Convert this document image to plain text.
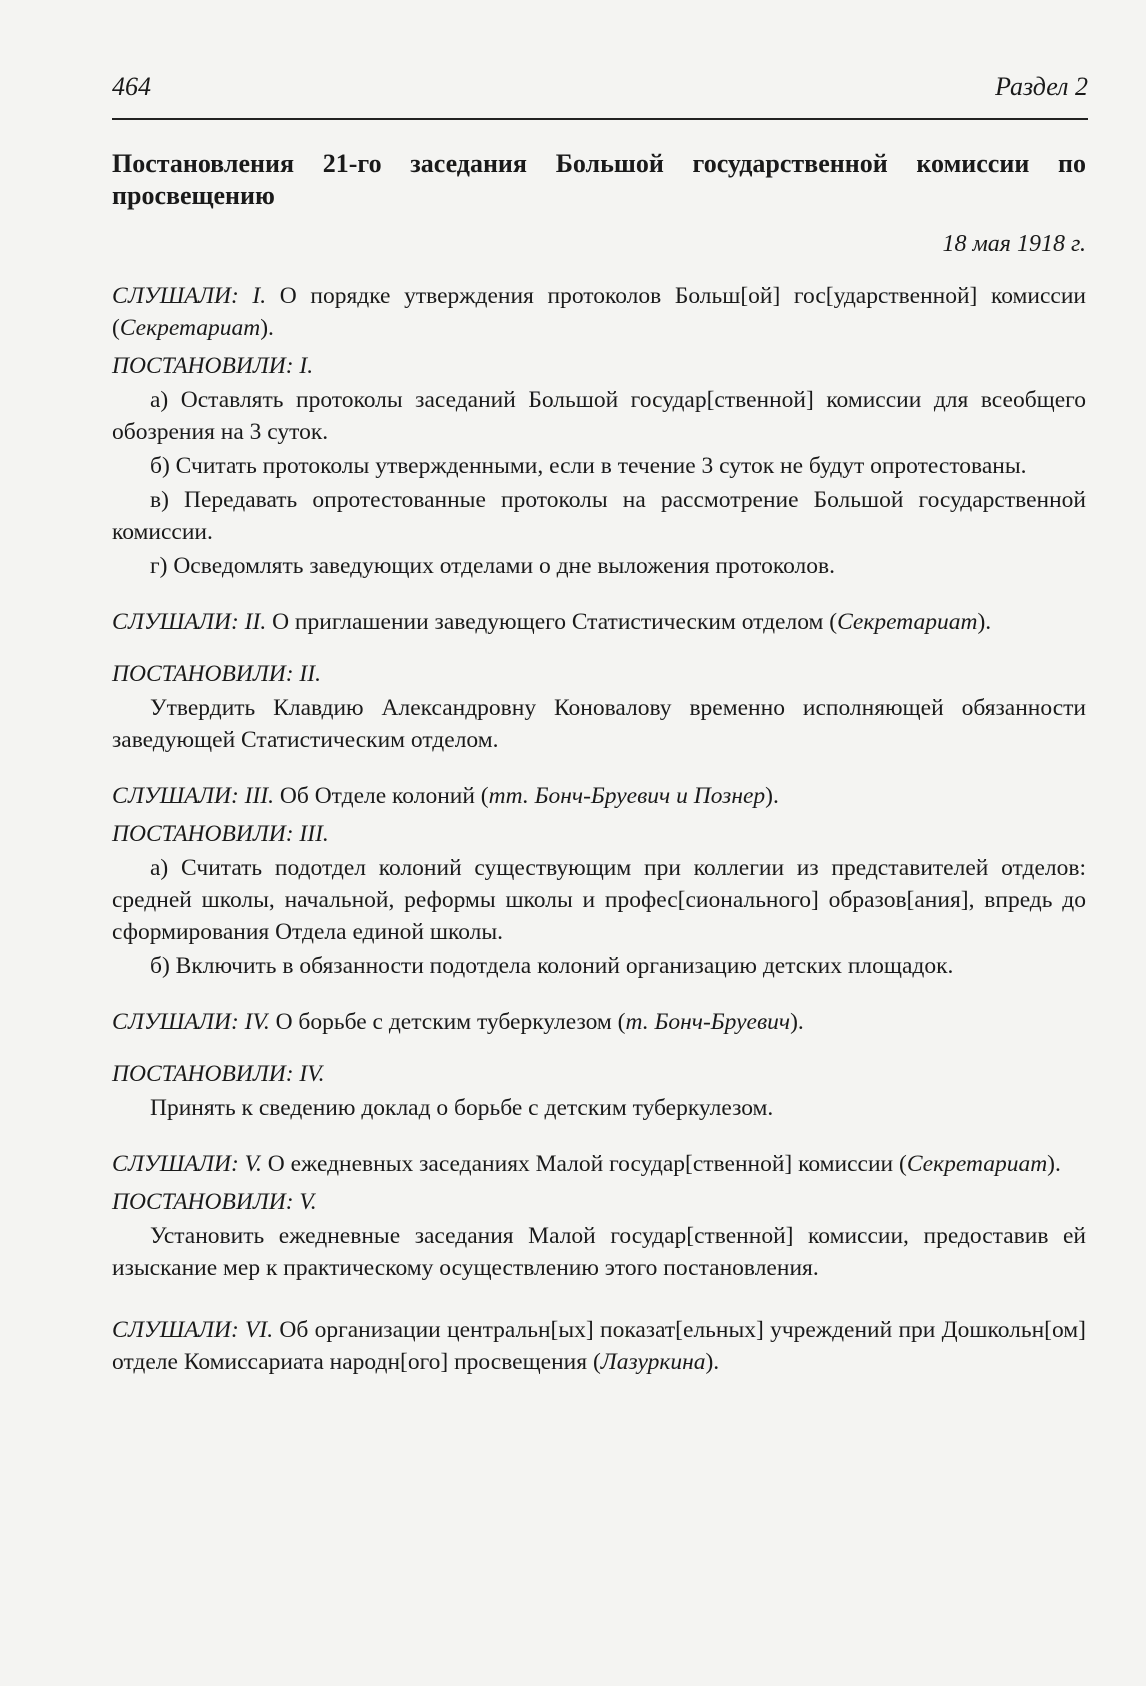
464	Раздел 2

Постановления 21-го заседания Большой государственной комиссии по просвещению

18 мая 1918 г.

СЛУШАЛИ: I. О порядке утверждения протоколов Больш[ой] гос[ударственной] комиссии (Секретариат).

ПОСТАНОВИЛИ: I.

а) Оставлять протоколы заседаний Большой государ[ственной] комиссии для всеобщего обозрения на 3 суток.

б) Считать протоколы утвержденными, если в течение 3 суток не будут опротестованы.

в) Передавать опротестованные протоколы на рассмотрение Большой государственной комиссии.

г) Осведомлять заведующих отделами о дне выложения протоколов.

СЛУШАЛИ: II. О приглашении заведующего Статистическим отделом (Секретариат).

ПОСТАНОВИЛИ: II.

Утвердить Клавдию Александровну Коновалову временно исполняющей обязанности заведующей Статистическим отделом.

СЛУШАЛИ: III. Об Отделе колоний (тт. Бонч-Бруевич и Познер).

ПОСТАНОВИЛИ: III.

а) Считать подотдел колоний существующим при коллегии из представителей отделов: средней школы, начальной, реформы школы и профес[сионального] образов[ания], впредь до сформирования Отдела единой школы.

б) Включить в обязанности подотдела колоний организацию детских площадок.

СЛУШАЛИ: IV. О борьбе с детским туберкулезом (т. Бонч-Бруевич).

ПОСТАНОВИЛИ: IV.

Принять к сведению доклад о борьбе с детским туберкулезом.

СЛУШАЛИ: V. О ежедневных заседаниях Малой государ[ственной] комиссии (Секретариат).

ПОСТАНОВИЛИ: V.

Установить ежедневные заседания Малой государ[ственной] комиссии, предоставив ей изыскание мер к практическому осуществлению этого постановления.

СЛУШАЛИ: VI. Об организации центральн[ых] показат[ельных] учреждений при Дошкольн[ом] отделе Комиссариата народн[ого] просвещения (Лазуркина).
